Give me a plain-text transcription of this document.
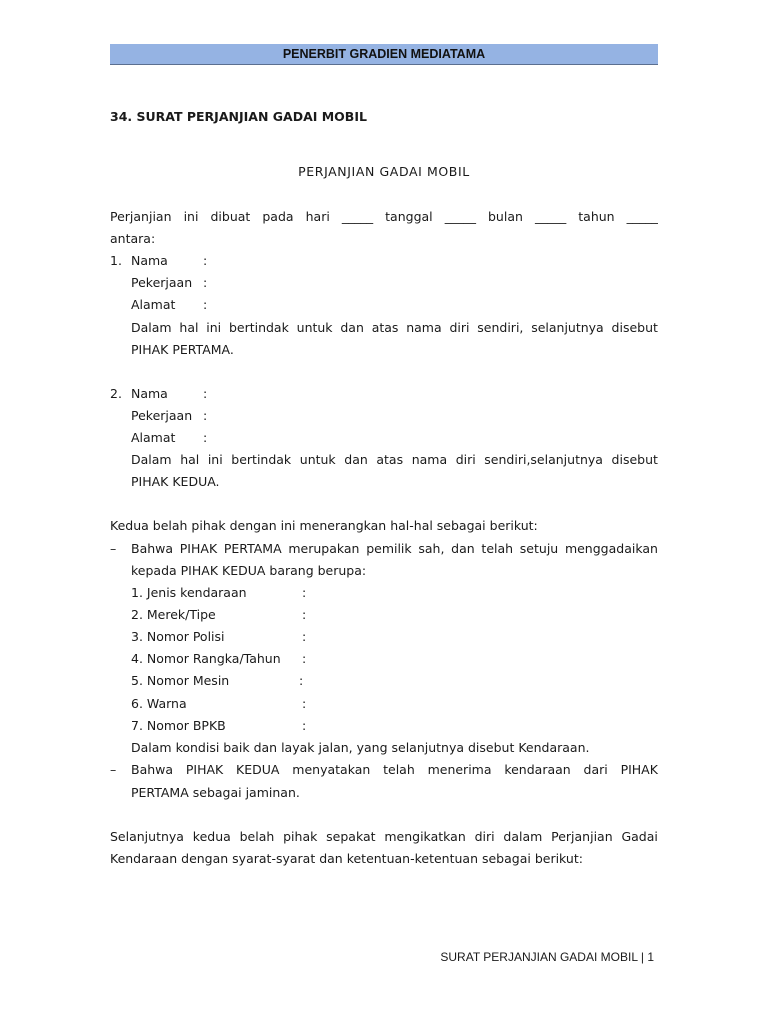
PENERBIT GRADIEN MEDIATAMA
34. SURAT PERJANJIAN GADAI MOBIL
PERJANJIAN GADAI MOBIL
Perjanjian ini dibuat pada hari _____ tanggal _____ bulan _____ tahun _____
antara:
1. Nama	:
Pekerjaan :
Alamat :
Dalam hal ini bertindak untuk dan atas nama diri sendiri, selanjutnya disebut
PIHAK PERTAMA.
2. Nama	:
Pekerjaan :
Alamat :
Dalam hal ini bertindak untuk dan atas nama diri sendiri,selanjutnya disebut
PIHAK KEDUA.
Kedua belah pihak dengan ini menerangkan hal-hal sebagai berikut:
– Bahwa PIHAK PERTAMA merupakan pemilik sah, dan telah setuju menggadaikan
kepada PIHAK KEDUA barang berupa:
1. Jenis kendaraan	:
2. Merek/Tipe	:
3. Nomor Polisi	:
4. Nomor Rangka/Tahun :
5. Nomor Mesin	:
6. Warna	:
7. Nomor BPKB	:
Dalam kondisi baik dan layak jalan, yang selanjutnya disebut Kendaraan.
– Bahwa PIHAK KEDUA menyatakan telah menerima kendaraan dari PIHAK
PERTAMA sebagai jaminan.
Selanjutnya kedua belah pihak sepakat mengikatkan diri dalam Perjanjian Gadai
Kendaraan dengan syarat-syarat dan ketentuan-ketentuan sebagai berikut:
SURAT PERJANJIAN GADAI MOBIL | 1
